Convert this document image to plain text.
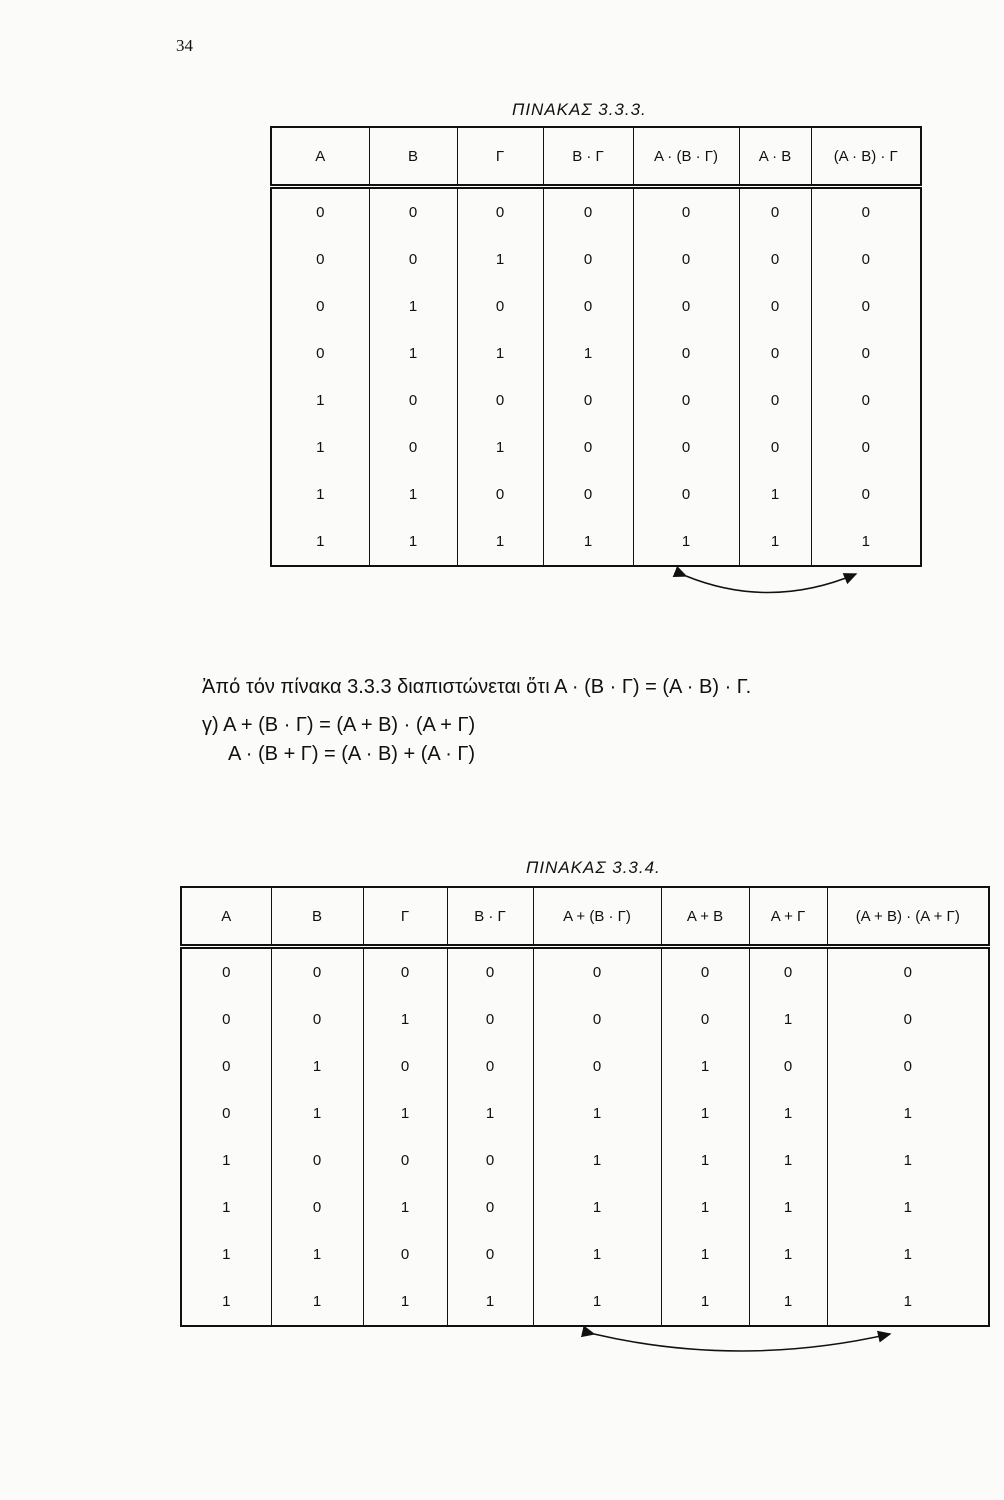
34
ΠΙΝΑΚΑΣ 3.3.3.
Α	Β	Γ	Β · Γ	Α · (Β · Γ)	Α · Β	(Α · Β) · Γ
0	0	0	0	0	0	0
0	0	1	0	0	0	0
0	1	0	0	0	0	0
0	1	1	1	0	0	0
1	0	0	0	0	0	0
1	0	1	0	0	0	0
1	1	0	0	0	1	0
1	1	1	1	1	1	1
Ἀπό τόν πίνακα 3.3.3 διαπιστώνεται ὅτι Α · (Β · Γ) = (Α · Β) · Γ.
γ) Α + (Β · Γ) = (Α + Β) · (Α + Γ)
Α · (Β + Γ) = (Α · Β) + (Α · Γ)
ΠΙΝΑΚΑΣ 3.3.4.
Α	Β	Γ	Β · Γ	Α + (Β · Γ)	Α + Β	Α + Γ	(Α + Β) · (Α + Γ)
0	0	0	0	0	0	0	0
0	0	1	0	0	0	1	0
0	1	0	0	0	1	0	0
0	1	1	1	1	1	1	1
1	0	0	0	1	1	1	1
1	0	1	0	1	1	1	1
1	1	0	0	1	1	1	1
1	1	1	1	1	1	1	1
